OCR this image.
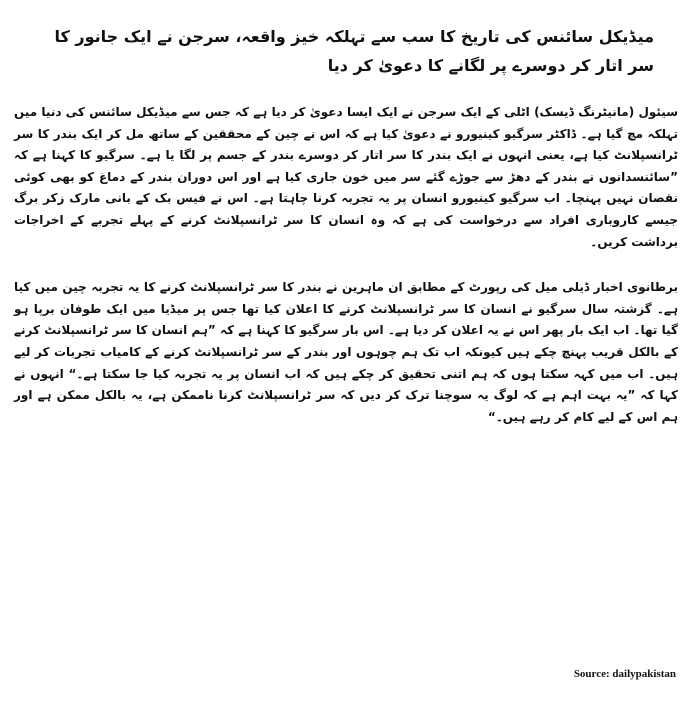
میڈیکل سائنس کی تاریخ کا سب سے تہلکہ خیز واقعہ، سرجن نے ایک جانور کا سر اتار کر دوسرے پر لگانے کا دعویٰ کر دیا

سیئول (مانیٹرنگ ڈیسک) اٹلی کے ایک سرجن نے ایک ایسا دعویٰ کر دیا ہے کہ جس سے میڈیکل سائنس کی دنیا میں تہلکہ مچ گیا ہے۔ ڈاکٹر سرگیو کینیورو نے دعویٰ کیا ہے کہ اس نے چین کے محققین کے ساتھ مل کر ایک بندر کا سر ٹرانسپلانٹ کیا ہے، یعنی انہوں نے ایک بندر کا سر اتار کر دوسرے بندر کے جسم پر لگا یا ہے۔ سرگیو کا کہنا ہے کہ ”سائنسدانوں نے بندر کے دھڑ سے جوڑے گئے سر میں خون جاری کیا ہے اور اس دوران بندر کے دماغ کو بھی کوئی نقصان نہیں پہنچا۔ اب سرگیو کینیورو انسان پر یہ تجربہ کرنا چاہتا ہے۔ اس نے فیس بک کے بانی مارک زکر برگ جیسے کاروباری افراد سے درخواست کی ہے کہ وہ انسان کا سر ٹرانسپلانٹ کرنے کے پہلے تجربے کے اخراجات برداشت کریں۔

برطانوی اخبار ڈیلی میل کی رپورٹ کے مطابق ان ماہرین نے بندر کا سر ٹرانسپلانٹ کرنے کا یہ تجربہ چین میں کیا ہے۔ گزشتہ سال سرگیو نے انسان کا سر ٹرانسپلانٹ کرنے کا اعلان کیا تھا جس پر میڈیا میں ایک طوفان برپا ہو گیا تھا۔ اب ایک بار پھر اس نے یہ اعلان کر دیا ہے۔ اس بار سرگیو کا کہنا ہے کہ ”ہم انسان کا سر ٹرانسپلانٹ کرنے کے بالکل قریب پہنچ چکے ہیں کیونکہ اب تک ہم چوہوں اور بندر کے سر ٹرانسپلانٹ کرنے کے کامیاب تجربات کر لیے ہیں۔ اب میں کہہ سکتا ہوں کہ ہم اتنی تحقیق کر چکے ہیں کہ اب انسان پر یہ تجربہ کیا جا سکتا ہے۔“ انہوں نے کہا کہ ”یہ بہت اہم ہے کہ لوگ یہ سوچنا ترک کر دیں کہ سر ٹرانسپلانٹ کرنا ناممکن ہے، یہ بالکل ممکن ہے اور ہم اس کے لیے کام کر رہے ہیں۔“

Source: dailypakistan
